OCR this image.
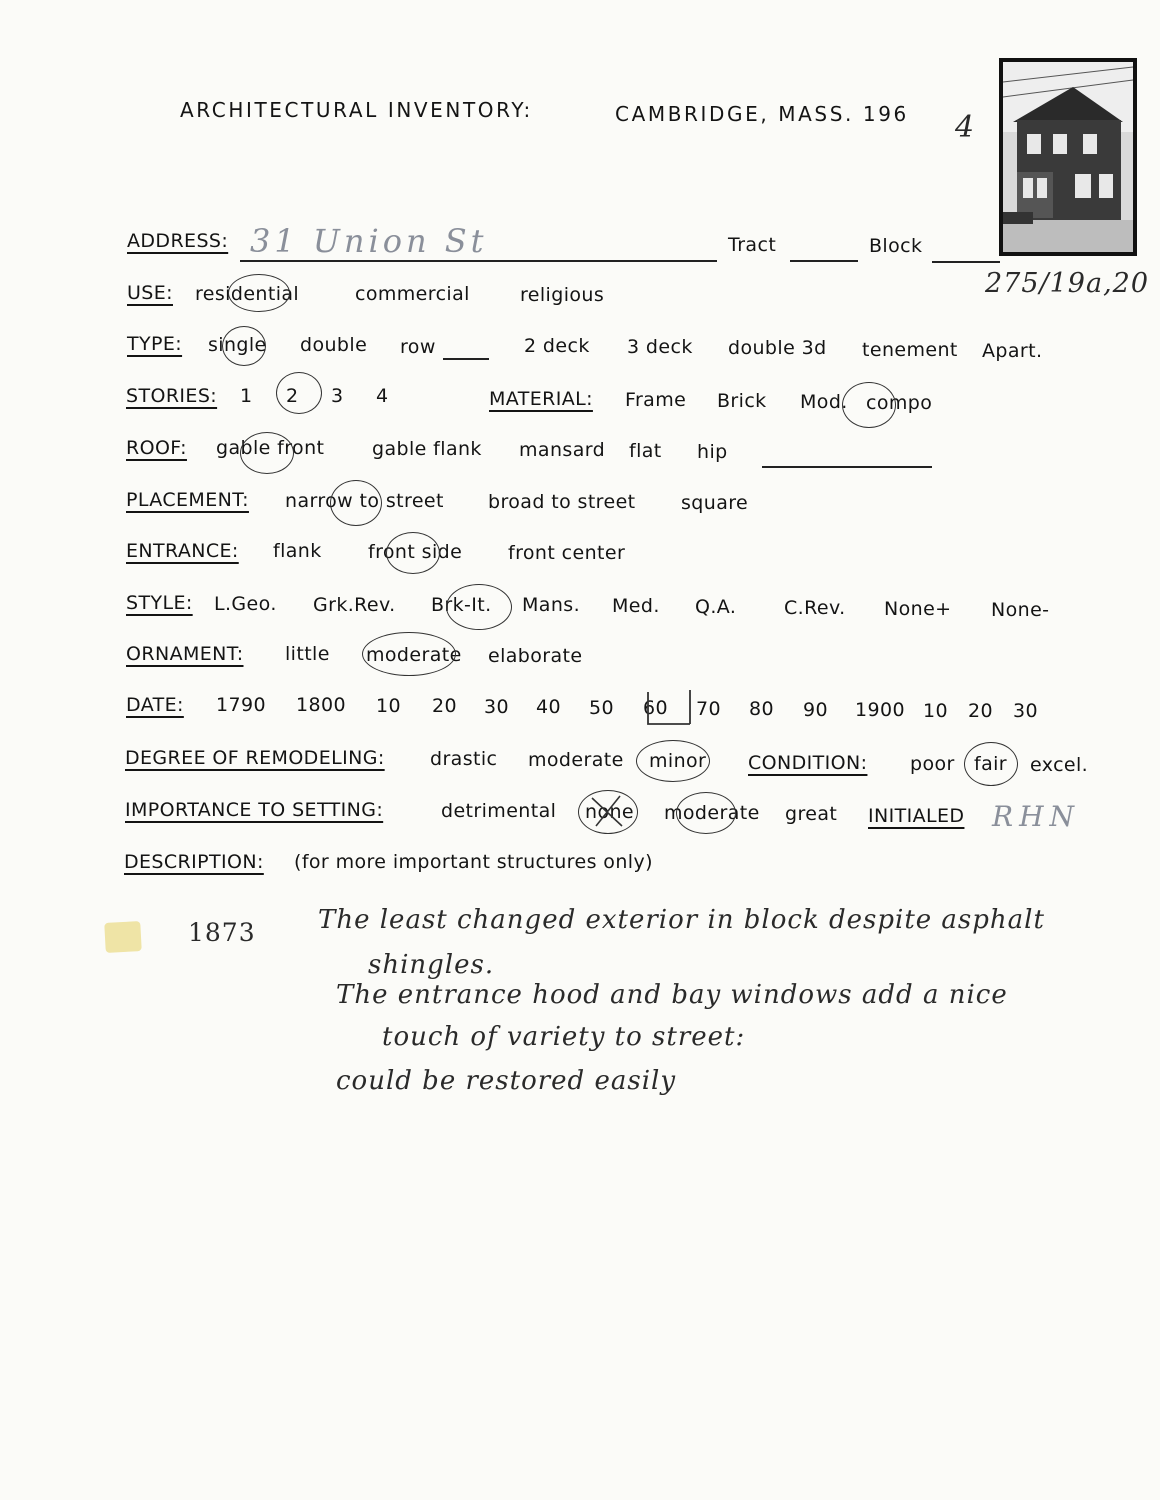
ARCHITECTURAL INVENTORY:	CAMBRIDGE, MASS. 196 4
275/19a,20
ADDRESS: 31 Union St	Tract	Block
USE: residential	commercial	religious
TYPE: single double row	2 deck 3 deck double 3d tenement Apart.
STORIES: 1 2 3 4	MATERIAL: Frame Brick Mod. compo
ROOF: gable front	gable flank mansard flat hip
PLACEMENT: narrow to street broad to street square
ENTRANCE: flank front side front center
STYLE: L.Geo. Grk.Rev. Brk-It. Mans. Med. Q.A.	C.Rev. None+ None-
ORNAMENT: little moderate elaborate
DATE: 1790 1800 10 20 30 40 50 60 70 80 90 1900 10 20 30
DEGREE OF REMODELING: drastic moderate minor CONDITION: poor fair excel.
IMPORTANCE TO SETTING:	detrimental none moderate great INITIALED RHN
DESCRIPTION: (for more important structures only)
1873 The least changed exterior in block despite asphalt
shingles.
The entrance hood and bay windows add a nice
touch of variety to street:
could be restored easily
